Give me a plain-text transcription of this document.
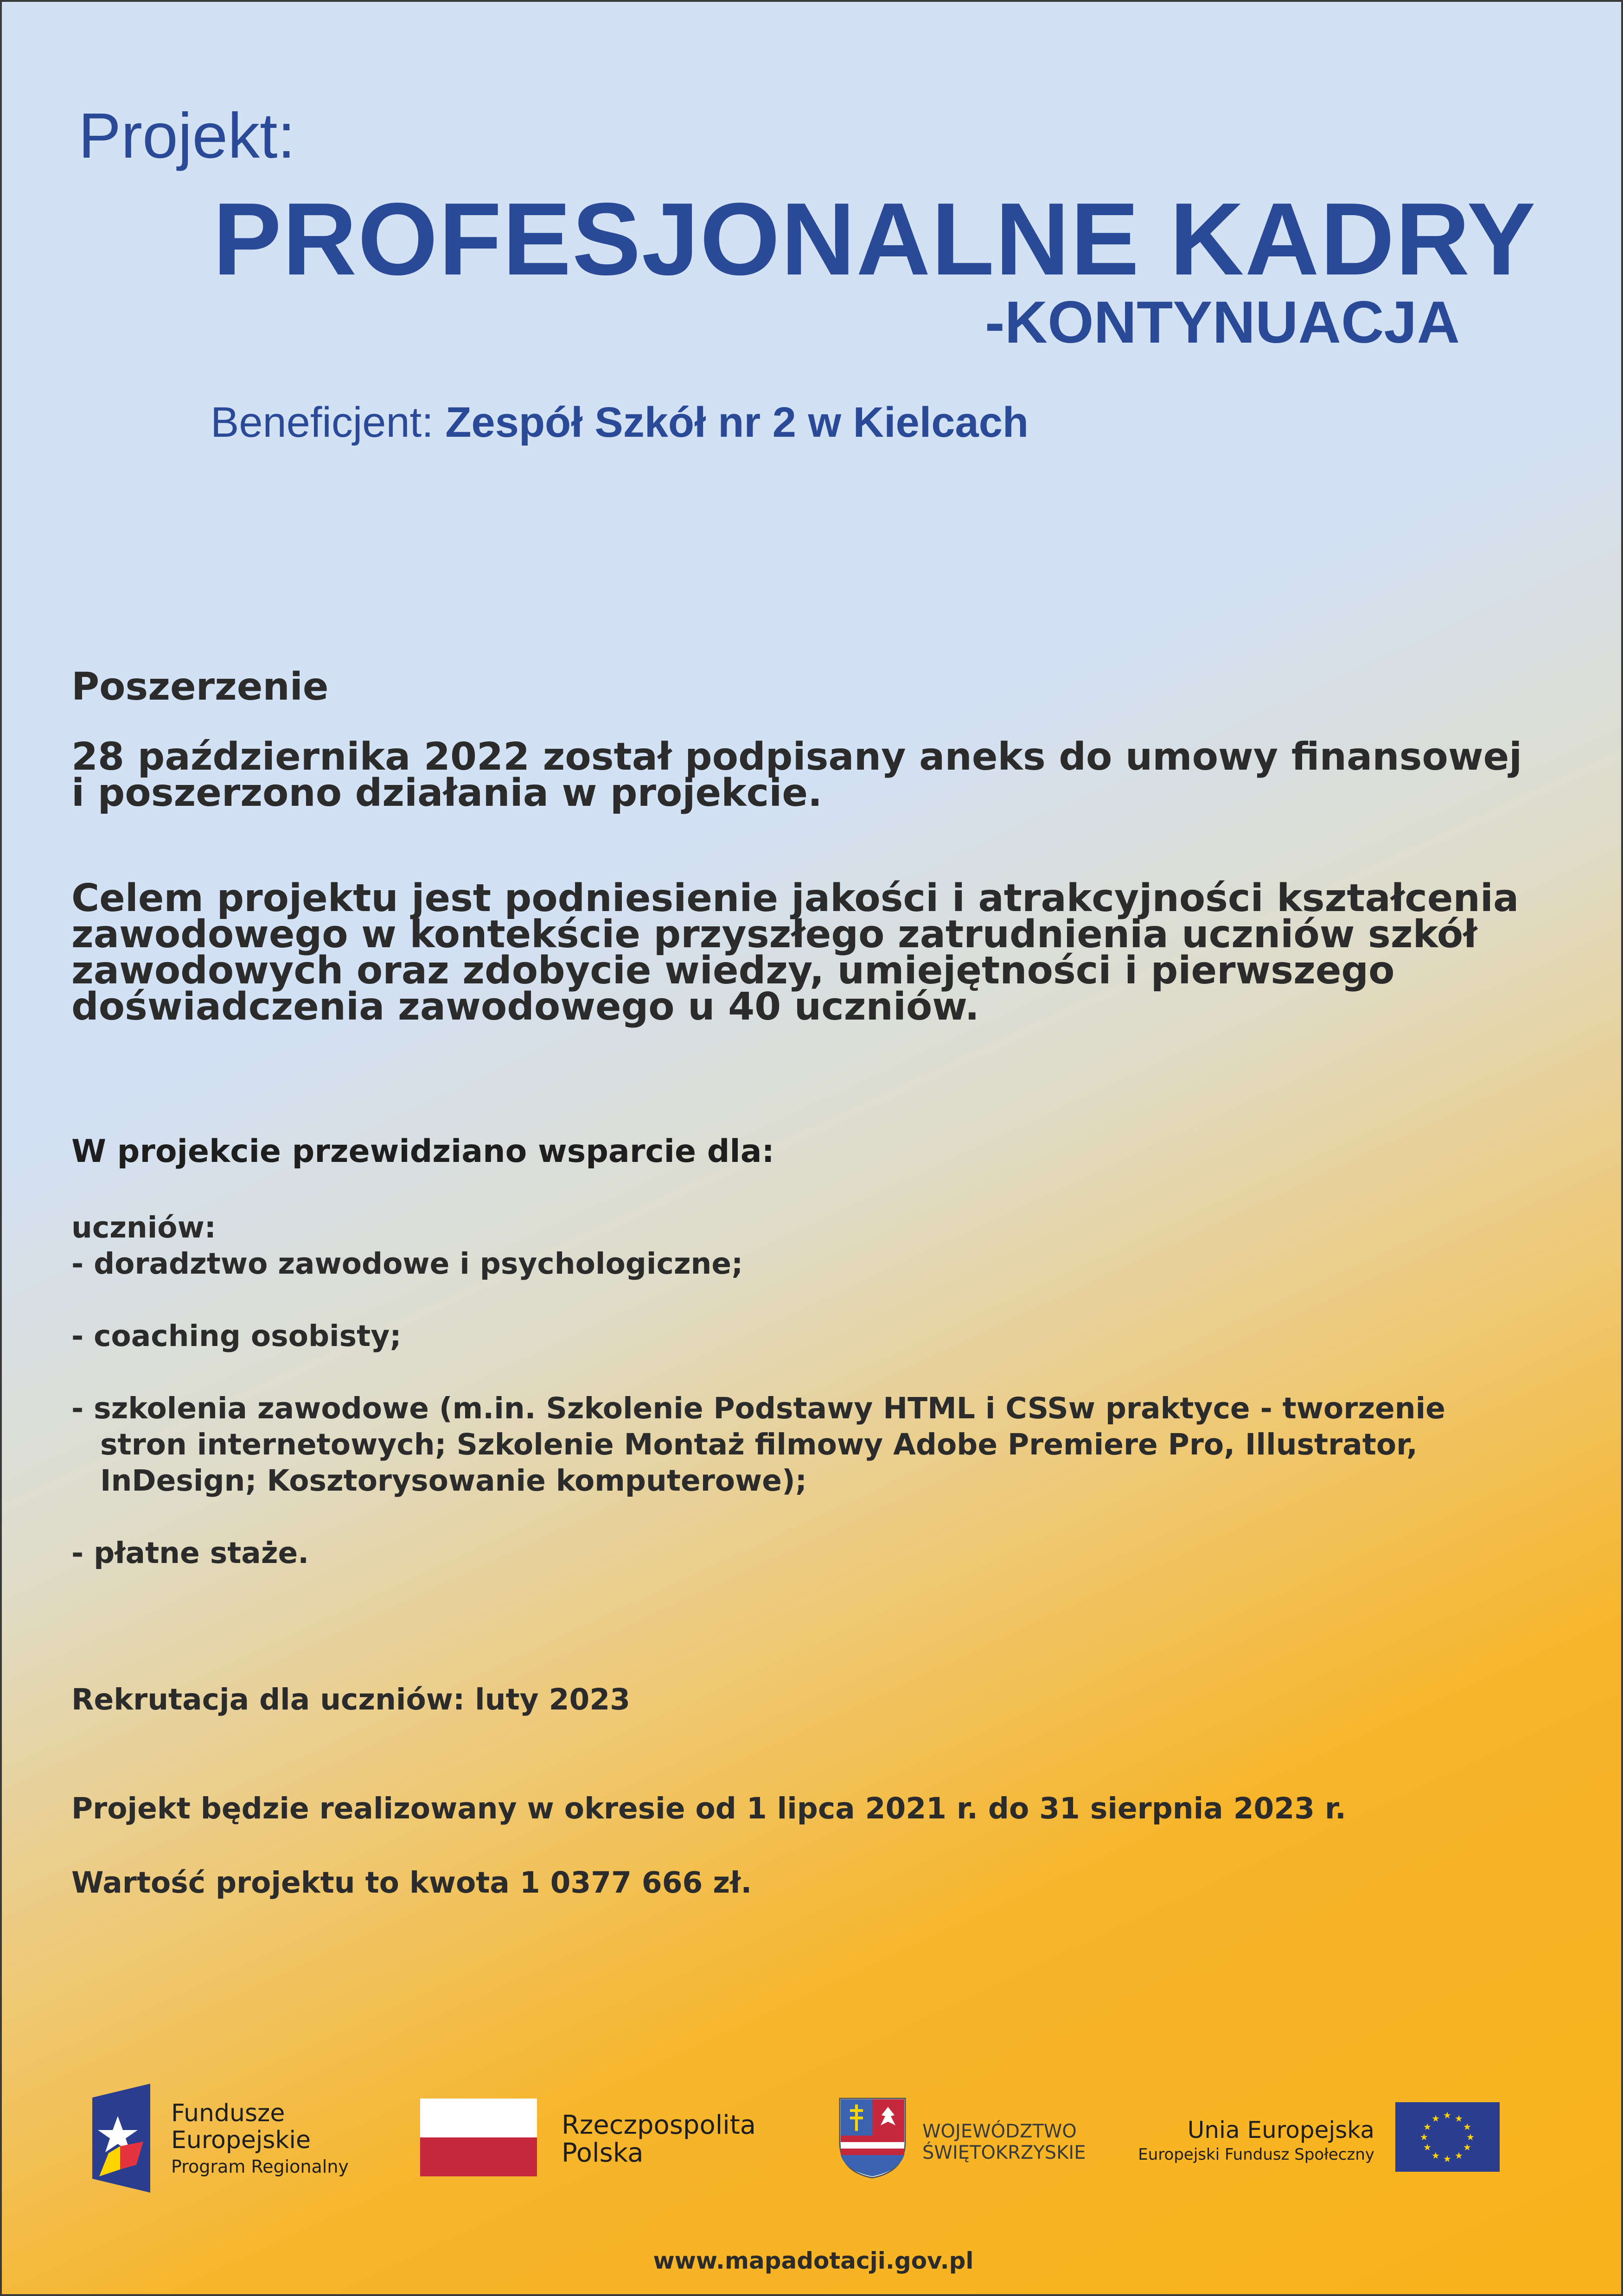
Projekt:
PROFESJONALNE KADRY
-KONTYNUACJA
Beneficjent: Zespół Szkół nr 2 w Kielcach
Poszerzenie
28 października 2022 został podpisany aneks do umowy finansowej
i poszerzono działania w projekcie.
Celem projektu jest podniesienie jakości i atrakcyjności kształcenia
zawodowego w kontekście przyszłego zatrudnienia uczniów szkół
zawodowych oraz zdobycie wiedzy, umiejętności i pierwszego
doświadczenia zawodowego u 40 uczniów.
W projekcie przewidziano wsparcie dla:
uczniów:
- doradztwo zawodowe i psychologiczne;
- coaching osobisty;
- szkolenia zawodowe (m.in. Szkolenie Podstawy HTML i CSSw praktyce - tworzenie
stron internetowych; Szkolenie Montaż filmowy Adobe Premiere Pro, Illustrator,
InDesign; Kosztorysowanie komputerowe);
- płatne staże.
Rekrutacja dla uczniów: luty 2023
Projekt będzie realizowany w okresie od 1 lipca 2021 r. do 31 sierpnia 2023 r.
Wartość projektu to kwota 1 0377 666 zł.
Fundusze
Europejskie
Program Regionalny
Rzeczpospolita
Polska
WOJEWÓDZTWO
ŚWIĘTOKRZYSKIE
Unia Europejska
Europejski Fundusz Społeczny
★ ★
★
★
★
★
★
★
★
★
★
★
www.mapadotacji.gov.pl
